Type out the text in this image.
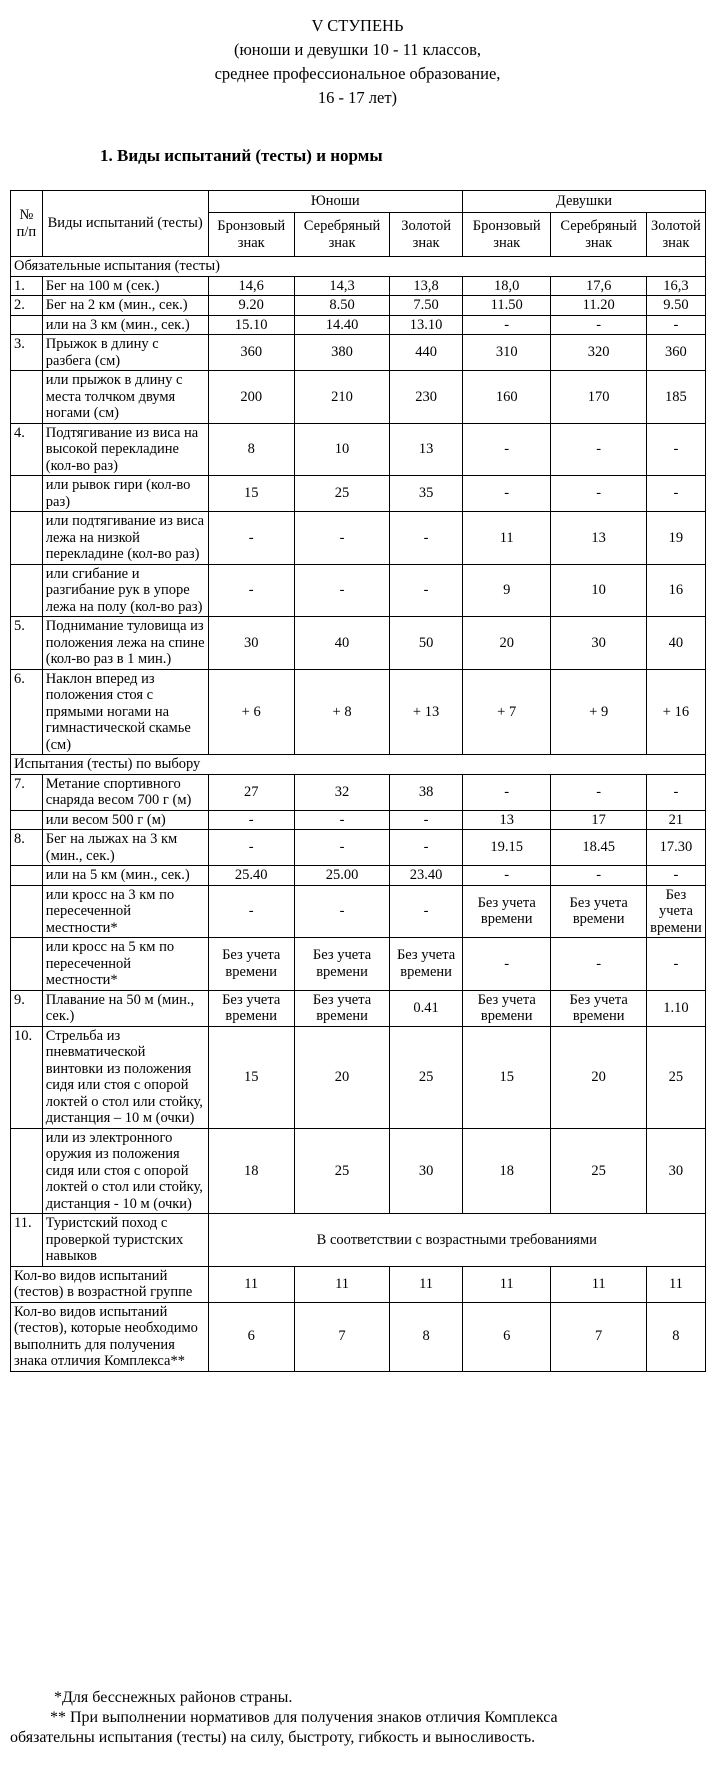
V СТУПЕНЬ
(юноши и девушки 10 - 11 классов,
среднее профессиональное образование,
16 - 17 лет)
1. Виды испытаний (тесты) и нормы
№ п/п	Виды испытаний (тесты)	Юноши			Девушки		
		Бронзовый знак	Серебряный знак	Золотой знак	Бронзовый знак	Серебряный знак	Золотой знак
Обязательные испытания (тесты)							
1.	Бег на 100 м (сек.)	14,6	14,3	13,8	18,0	17,6	16,3
2.	Бег на 2 км (мин., сек.)	9.20	8.50	7.50	11.50	11.20	9.50
	или на 3 км (мин., сек.)	15.10	14.40	13.10	-	-	-
3.	Прыжок в длину с разбега (см)	360	380	440	310	320	360
	или прыжок в длину с места толчком двумя ногами (см)	200	210	230	160	170	185
4.	Подтягивание из виса на высокой перекладине (кол-во раз)	8	10	13	-	-	-
	или рывок гири (кол-во раз)	15	25	35	-	-	-
	или подтягивание из виса лежа на низкой перекладине (кол-во раз)	-	-	-	11	13	19
	или сгибание и разгибание рук в упоре лежа на полу (кол-во раз)	-	-	-	9	10	16
5.	Поднимание туловища из положения лежа на спине (кол-во раз в 1 мин.)	30	40	50	20	30	40
6.	Наклон вперед из положения стоя с прямыми ногами на гимнастической скамье (см)	+ 6	+ 8	+ 13	+ 7	+ 9	+ 16
Испытания (тесты) по выбору							
7.	Метание спортивного снаряда весом 700 г (м)	27	32	38	-	-	-
	или весом 500 г (м)	-	-	-	13	17	21
8.	Бег на лыжах на 3 км (мин., сек.)	-	-	-	19.15	18.45	17.30
	или на 5 км (мин., сек.)	25.40	25.00	23.40	-	-	-
	или кросс на 3 км по пересеченной местности*	-	-	-	Без учета времени	Без учета времени	Без учета времени
	или кросс на 5 км по пересеченной местности*	Без учета времени	Без учета времени	Без учета времени	-	-	-
9.	Плавание на 50 м (мин., сек.)	Без учета времени	Без учета времени	0.41	Без учета времени	Без учета времени	1.10
10.	Стрельба из пневматической винтовки из положения сидя или стоя с опорой локтей о стол или стойку, дистанция – 10 м (очки)	15	20	25	15	20	25
	или из электронного оружия из положения сидя или стоя с опорой локтей о стол или стойку, дистанция - 10 м (очки)	18	25	30	18	25	30
11.	Туристский поход с проверкой туристских навыков	В соответствии с возрастными требованиями					
Кол-во видов испытаний (тестов) в возрастной группе		11	11	11	11	11	11
Кол-во видов испытаний (тестов), которые необходимо выполнить для получения знака отличия Комплекса**		6	7	8	6	7	8
*Для бесснежных районов страны.
** При выполнении нормативов для получения знаков отличия Комплекса
обязательны испытания (тесты) на силу, быстроту, гибкость и выносливость.
